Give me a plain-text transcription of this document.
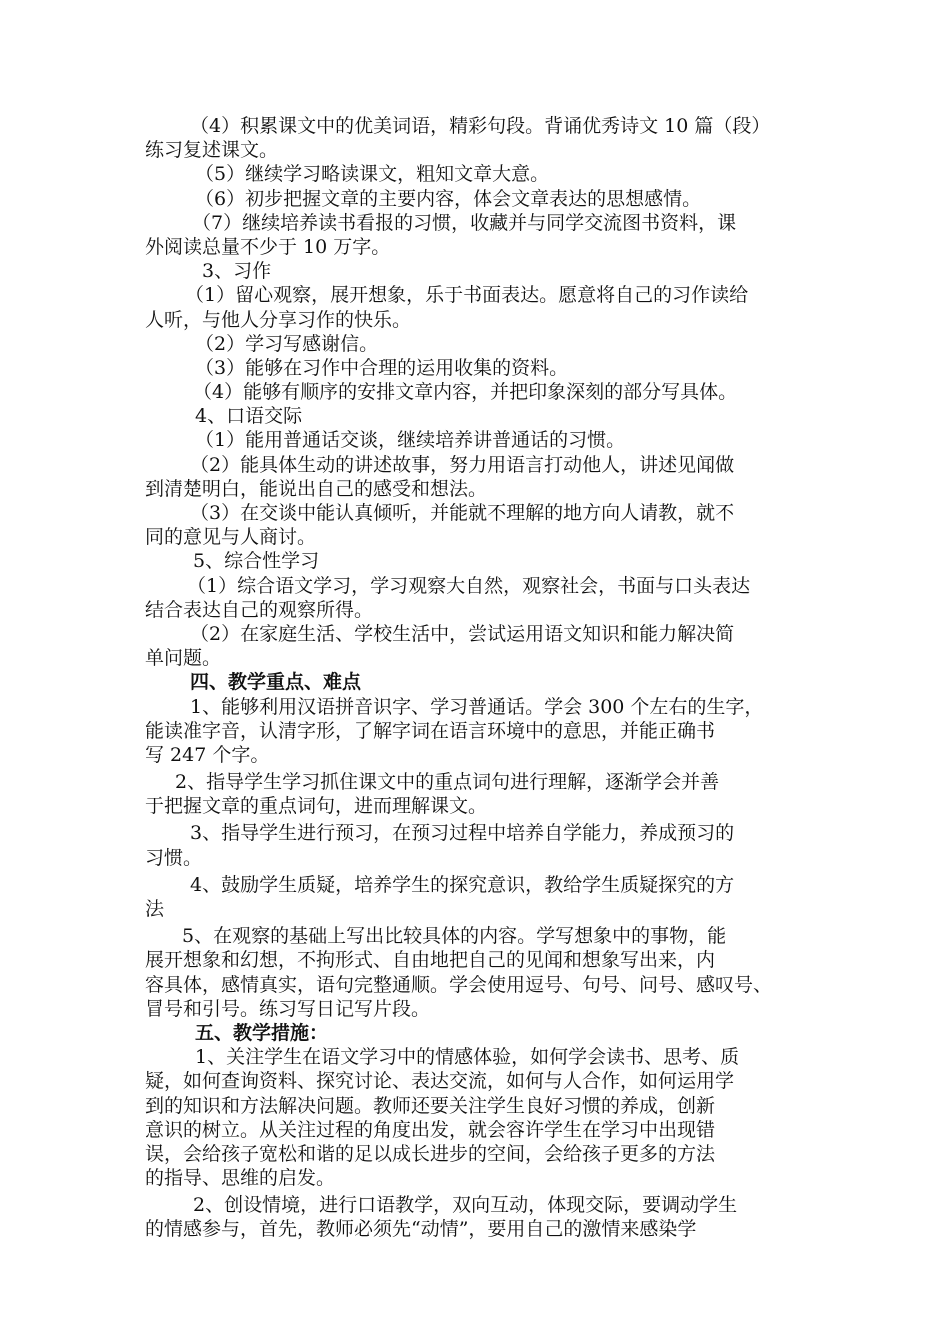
（4）积累课文中的优美词语，精彩句段。背诵优秀诗文 10 篇（段）
练习复述课文。
（5）继续学习略读课文，粗知文章大意。
（6）初步把握文章的主要内容，体会文章表达的思想感情。
（7）继续培养读书看报的习惯，收藏并与同学交流图书资料，课
外阅读总量不少于 10 万字。
3、习作
（1）留心观察，展开想象，乐于书面表达。愿意将自己的习作读给
人听，与他人分享习作的快乐。
（2）学习写感谢信。
（3）能够在习作中合理的运用收集的资料。
（4）能够有顺序的安排文章内容，并把印象深刻的部分写具体。
4、口语交际
（1）能用普通话交谈，继续培养讲普通话的习惯。
（2）能具体生动的讲述故事，努力用语言打动他人，讲述见闻做
到清楚明白，能说出自己的感受和想法。
（3）在交谈中能认真倾听，并能就不理解的地方向人请教，就不
同的意见与人商讨。
5、综合性学习
（1）综合语文学习，学习观察大自然，观察社会，书面与口头表达
结合表达自己的观察所得。
（2）在家庭生活、学校生活中，尝试运用语文知识和能力解决简
单问题。
四、教学重点、难点
1、能够利用汉语拼音识字、学习普通话。学会 300 个左右的生字，
能读准字音，认清字形，了解字词在语言环境中的意思，并能正确书
写 247 个字。
2、指导学生学习抓住课文中的重点词句进行理解，逐渐学会并善
于把握文章的重点词句，进而理解课文。
3、指导学生进行预习，在预习过程中培养自学能力，养成预习的
习惯。
4、鼓励学生质疑，培养学生的探究意识，教给学生质疑探究的方
法
5、在观察的基础上写出比较具体的内容。学写想象中的事物，能
展开想象和幻想，不拘形式、自由地把自己的见闻和想象写出来，内
容具体，感情真实，语句完整通顺。学会使用逗号、句号、问号、感叹号、
冒号和引号。练习写日记写片段。
五、教学措施：
1、关注学生在语文学习中的情感体验，如何学会读书、思考、质
疑，如何查询资料、探究讨论、表达交流，如何与人合作，如何运用学
到的知识和方法解决问题。教师还要关注学生良好习惯的养成，创新
意识的树立。从关注过程的角度出发，就会容许学生在学习中出现错
误，会给孩子宽松和谐的足以成长进步的空间，会给孩子更多的方法
的指导、思维的启发。
2、创设情境，进行口语教学，双向互动，体现交际，要调动学生
的情感参与，首先，教师必须先“动情”，要用自己的激情来感染学
